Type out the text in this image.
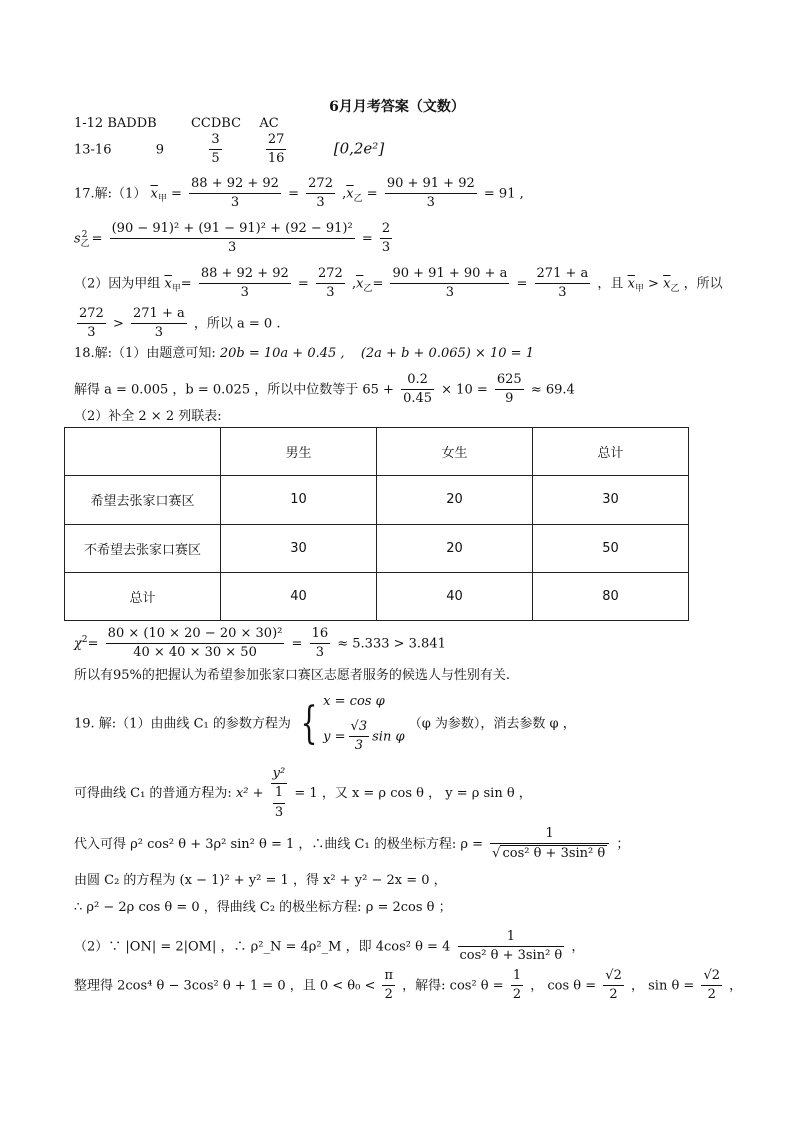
6月月考答案（文数）
1-12 BADDB	CCDBC AC
13-16	9	$\frac{3}{5}$
	$\frac{27}{16}$	[0,2e²]
17.解:（1） $\overline{x}_甲 = \frac{88 + 92 + 92}{3} = \frac{272}{3} ,\overline{x}_乙 = \frac{90 + 91 + 92}{3} = 91$ ,
$s_乙^2 = \frac{\text{(90 − 91)² + (91 − 91)² + (92 − 91)²}}{3} = \frac{2}{3}$
（2）因为甲组 $\overline{x}_甲= \frac{88 + 92 + 92}{3} = \frac{272}{3} ,\overline{x}_乙= \frac{90 + 91 + 90 + a}{3} = \frac{271 + a}{3}$ ，且 $\overline{x}_甲 > \overline{x}_乙$ ，所以
$\frac{272}{3} > \frac{271 + a}{3}$ ，所以 a = 0 .
18.解:（1）由题意可知: 20b = 10a + 0.45 , (2a + b + 0.065) × 10 = 1
解得 a = 0.005 ，b = 0.025 ，所以中位数等于 $65 + \frac{0.2}{0.45} \times 10 = \frac{625}{9} \approx 69.4$
（2）补全 2 × 2 列联表:
	男生	女生	总计
希望去张家口赛区	10	20	30
不希望去张家口赛区	30	20	50
总计	40	40	80
$\chi^2= \frac{\text{80 × (10 × 20 − 20 × 30)²}}{40 \times 40 \times 30 \times 50} = \frac{16}{3} \approx 5.333 > 3.841$
所以有95%的把握认为希望参加张家口赛区志愿者服务的候选人与性别有关.
19. 解:（1）由曲线 C₁ 的参数方程为 { x = cos φ
$y = \frac{√3}{3}$ sin φ
（φ 为参数），消去参数 φ ，
可得曲线 C₁ 的普通方程为: $x^2 + \frac{\text{y²}}{\frac{1}{3}} = 1$ ，又 x = ρ cos θ ， y = ρ sin θ ，
代入可得 ρ² cos² θ + 3ρ² sin² θ = 1 ，∴曲线 C₁ 的极坐标方程: $\rho = \frac{1}{\text{√ cos² θ + 3sin² θ}}$ ；
由圆 C₂ 的方程为 (x − 1)² + y² = 1 ，得 x² + y² − 2x = 0 ，
∴ ρ² − 2ρ cos θ = 0 ，得曲线 C₂ 的极坐标方程: ρ = 2cos θ ；
（2）∵ |ON| = 2|OM| ，∴ ρ²_N = 4ρ²_M ，即 4cos² $\theta = 4 \frac{1}{\text{cos² θ + 3sin² θ}}$ ，
整理得 2cos⁴ θ − 3cos² θ + 1 = 0 ，且 $0 < \theta_0 < \frac{\pi}{2}$ ，解得: cos² $\theta = \frac{1}{2}$ ， $\cos \theta = \frac{√2}{2}$ ， $\sin \theta = \frac{√2}{2}$ ，
